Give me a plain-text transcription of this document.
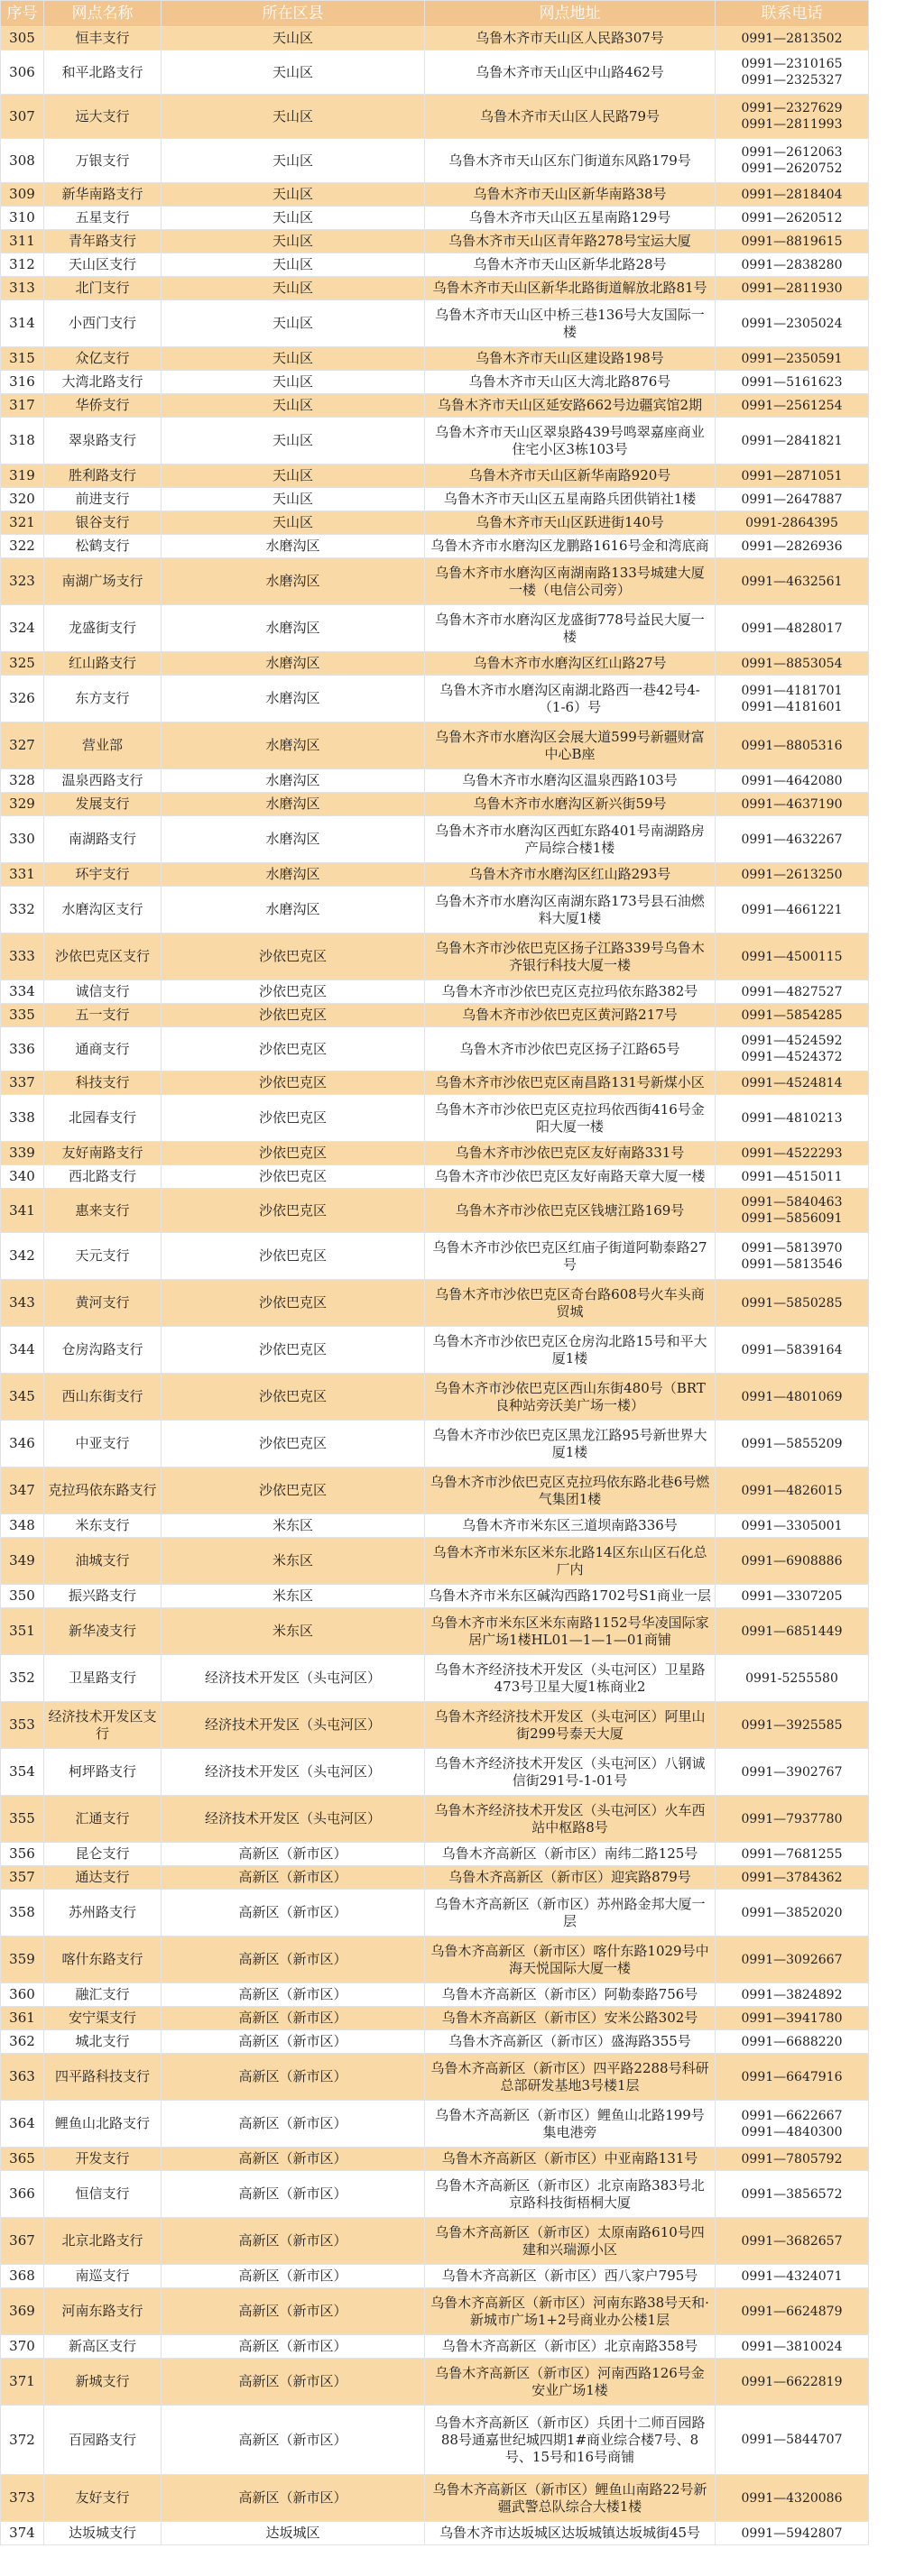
序号	网点名称	所在区县	网点地址	联系电话
305	恒丰支行	天山区	乌鲁木齐市天山区人民路307号	0991—2813502
306	和平北路支行	天山区	乌鲁木齐市天山区中山路462号	0991—2310165
0991—2325327
307	远大支行	天山区	乌鲁木齐市天山区人民路79号	0991—2327629
0991—2811993
308	万银支行	天山区	乌鲁木齐市天山区东门街道东风路179号	0991—2612063
0991—2620752
309	新华南路支行	天山区	乌鲁木齐市天山区新华南路38号	0991—2818404
310	五星支行	天山区	乌鲁木齐市天山区五星南路129号	0991—2620512
311	青年路支行	天山区	乌鲁木齐市天山区青年路278号宝运大厦	0991—8819615
312	天山区支行	天山区	乌鲁木齐市天山区新华北路28号	0991—2838280
313	北门支行	天山区	乌鲁木齐市天山区新华北路街道解放北路81号	0991—2811930
314	小西门支行	天山区	乌鲁木齐市天山区中桥三巷136号大友国际一楼	0991—2305024
315	众亿支行	天山区	乌鲁木齐市天山区建设路198号	0991—2350591
316	大湾北路支行	天山区	乌鲁木齐市天山区大湾北路876号	0991—5161623
317	华侨支行	天山区	乌鲁木齐市天山区延安路662号边疆宾馆2期	0991—2561254
318	翠泉路支行	天山区	乌鲁木齐市天山区翠泉路439号鸣翠嘉座商业住宅小区3栋103号	0991—2841821
319	胜利路支行	天山区	乌鲁木齐市天山区新华南路920号	0991—2871051
320	前进支行	天山区	乌鲁木齐市天山区五星南路兵团供销社1楼	0991—2647887
321	银谷支行	天山区	乌鲁木齐市天山区跃进街140号	0991-2864395
322	松鹤支行	水磨沟区	乌鲁木齐市水磨沟区龙鹏路1616号金和湾底商	0991—2826936
323	南湖广场支行	水磨沟区	乌鲁木齐市水磨沟区南湖南路133号城建大厦一楼（电信公司旁）	0991—4632561
324	龙盛街支行	水磨沟区	乌鲁木齐市水磨沟区龙盛街778号益民大厦一楼	0991—4828017
325	红山路支行	水磨沟区	乌鲁木齐市水磨沟区红山路27号	0991—8853054
326	东方支行	水磨沟区	乌鲁木齐市水磨沟区南湖北路西一巷42号4-（1-6）号	0991—4181701
0991—4181601
327	营业部	水磨沟区	乌鲁木齐市水磨沟区会展大道599号新疆财富中心B座	0991—8805316
328	温泉西路支行	水磨沟区	乌鲁木齐市水磨沟区温泉西路103号	0991—4642080
329	发展支行	水磨沟区	乌鲁木齐市水磨沟区新兴街59号	0991—4637190
330	南湖路支行	水磨沟区	乌鲁木齐市水磨沟区西虹东路401号南湖路房产局综合楼1楼	0991—4632267
331	环宇支行	水磨沟区	乌鲁木齐市水磨沟区红山路293号	0991—2613250
332	水磨沟区支行	水磨沟区	乌鲁木齐市水磨沟区南湖东路173号县石油燃料大厦1楼	0991—4661221
333	沙依巴克区支行	沙依巴克区	乌鲁木齐市沙依巴克区扬子江路339号乌鲁木齐银行科技大厦一楼	0991—4500115
334	诚信支行	沙依巴克区	乌鲁木齐市沙依巴克区克拉玛依东路382号	0991—4827527
335	五一支行	沙依巴克区	乌鲁木齐市沙依巴克区黄河路217号	0991—5854285
336	通商支行	沙依巴克区	乌鲁木齐市沙依巴克区扬子江路65号	0991—4524592
0991—4524372
337	科技支行	沙依巴克区	乌鲁木齐市沙依巴克区南昌路131号新煤小区	0991—4524814
338	北园春支行	沙依巴克区	乌鲁木齐市沙依巴克区克拉玛依西街416号金阳大厦一楼	0991—4810213
339	友好南路支行	沙依巴克区	乌鲁木齐市沙依巴克区友好南路331号	0991—4522293
340	西北路支行	沙依巴克区	乌鲁木齐市沙依巴克区友好南路天章大厦一楼	0991—4515011
341	惠来支行	沙依巴克区	乌鲁木齐市沙依巴克区钱塘江路169号	0991—5840463
0991—5856091
342	天元支行	沙依巴克区	乌鲁木齐市沙依巴克区红庙子街道阿勒泰路27号	0991—5813970
0991—5813546
343	黄河支行	沙依巴克区	乌鲁木齐市沙依巴克区奇台路608号火车头商贸城	0991—5850285
344	仓房沟路支行	沙依巴克区	乌鲁木齐市沙依巴克区仓房沟北路15号和平大厦1楼	0991—5839164
345	西山东街支行	沙依巴克区	乌鲁木齐市沙依巴克区西山东街480号（BRT良种站旁沃美广场一楼）	0991—4801069
346	中亚支行	沙依巴克区	乌鲁木齐市沙依巴克区黑龙江路95号新世界大厦1楼	0991—5855209
347	克拉玛依东路支行	沙依巴克区	乌鲁木齐市沙依巴克区克拉玛依东路北巷6号燃气集团1楼	0991—4826015
348	米东支行	米东区	乌鲁木齐市米东区三道坝南路336号	0991—3305001
349	油城支行	米东区	乌鲁木齐市米东区米东北路14区东山区石化总厂内	0991—6908886
350	振兴路支行	米东区	乌鲁木齐市米东区碱沟西路1702号S1商业一层	0991—3307205
351	新华凌支行	米东区	乌鲁木齐市米东区米东南路1152号华凌国际家居广场1楼HL01—1—1—01商铺	0991—6851449
352	卫星路支行	经济技术开发区（头屯河区）	乌鲁木齐经济技术开发区（头屯河区）卫星路473号卫星大厦1栋商业2	0991-5255580
353	经济技术开发区支行	经济技术开发区（头屯河区）	乌鲁木齐经济技术开发区（头屯河区）阿里山街299号泰天大厦	0991—3925585
354	柯坪路支行	经济技术开发区（头屯河区）	乌鲁木齐经济技术开发区（头屯河区）八钢诚信街291号-1-01号	0991—3902767
355	汇通支行	经济技术开发区（头屯河区）	乌鲁木齐经济技术开发区（头屯河区）火车西站中枢路8号	0991—7937780
356	昆仑支行	高新区（新市区）	乌鲁木齐高新区（新市区）南纬二路125号	0991—7681255
357	通达支行	高新区（新市区）	乌鲁木齐高新区（新市区）迎宾路879号	0991—3784362
358	苏州路支行	高新区（新市区）	乌鲁木齐高新区（新市区）苏州路金邦大厦一层	0991—3852020
359	喀什东路支行	高新区（新市区）	乌鲁木齐高新区（新市区）喀什东路1029号中海天悦国际大厦一楼	0991—3092667
360	融汇支行	高新区（新市区）	乌鲁木齐高新区（新市区）阿勒泰路756号	0991—3824892
361	安宁渠支行	高新区（新市区）	乌鲁木齐高新区（新市区）安米公路302号	0991—3941780
362	城北支行	高新区（新市区）	乌鲁木齐高新区（新市区）盛海路355号	0991—6688220
363	四平路科技支行	高新区（新市区）	乌鲁木齐高新区（新市区）四平路2288号科研总部研发基地3号楼1层	0991—6647916
364	鲤鱼山北路支行	高新区（新市区）	乌鲁木齐高新区（新市区）鲤鱼山北路199号集电港旁	0991—6622667
0991—4840300
365	开发支行	高新区（新市区）	乌鲁木齐高新区（新市区）中亚南路131号	0991—7805792
366	恒信支行	高新区（新市区）	乌鲁木齐高新区（新市区）北京南路383号北京路科技街梧桐大厦	0991—3856572
367	北京北路支行	高新区（新市区）	乌鲁木齐高新区（新市区）太原南路610号四建和兴瑞源小区	0991—3682657
368	南巡支行	高新区（新市区）	乌鲁木齐高新区（新市区）西八家户795号	0991—4324071
369	河南东路支行	高新区（新市区）	乌鲁木齐高新区（新市区）河南东路38号天和·新城市广场1+2号商业办公楼1层	0991—6624879
370	新高区支行	高新区（新市区）	乌鲁木齐高新区（新市区）北京南路358号	0991—3810024
371	新城支行	高新区（新市区）	乌鲁木齐高新区（新市区）河南西路126号金安业广场1楼	0991—6622819
372	百园路支行	高新区（新市区）	乌鲁木齐高新区（新市区）兵团十二师百园路88号通嘉世纪城四期1#商业综合楼7号、8号、15号和16号商铺	0991—5844707
373	友好支行	高新区（新市区）	乌鲁木齐高新区（新市区）鲤鱼山南路22号新疆武警总队综合大楼1楼	0991—4320086
374	达坂城支行	达坂城区	乌鲁木齐市达坂城区达坂城镇达坂城街45号	0991—5942807
